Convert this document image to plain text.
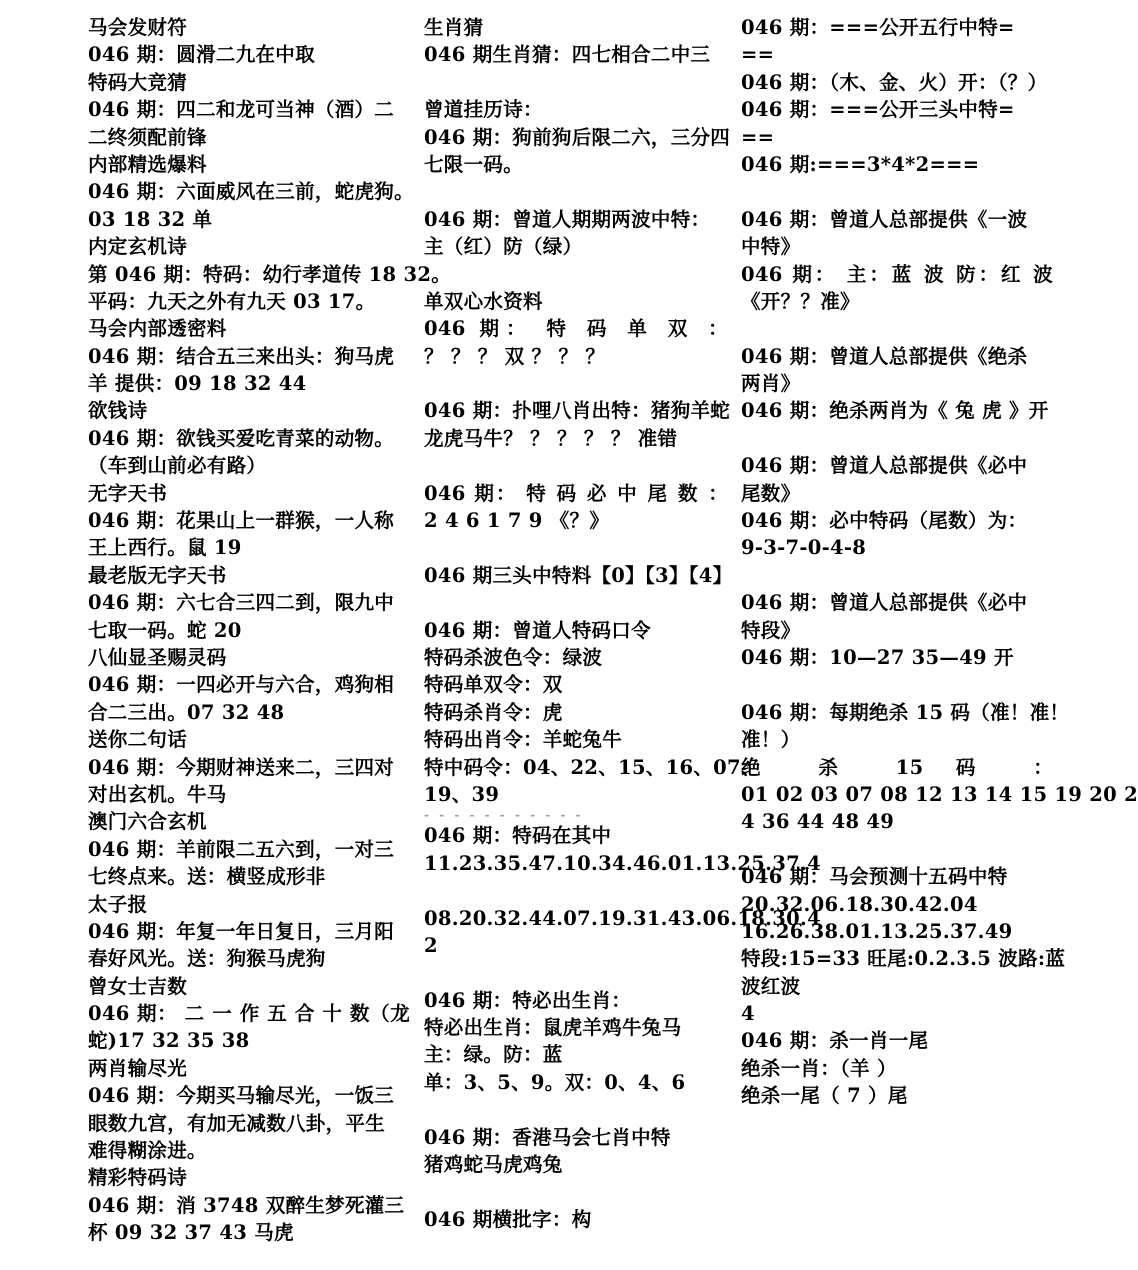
马会发财符
046 期：圆滑二九在中取
特码大竞猜
046 期：四二和龙可当神（酒）二
二终须配前锋
内部精选爆料
046 期：六面威风在三前，蛇虎狗。
03 18 32 单
内定玄机诗
第 046 期：特码：幼行孝道传 18 32。
平码：九天之外有九天 03 17。
马会内部透密料
046 期：结合五三来出头：狗马虎
羊 提供：09 18 32 44
欲钱诗
046 期：欲钱买爱吃青菜的动物。
（车到山前必有路）
无字天书
046 期：花果山上一群猴，一人称
王上西行。鼠 19
最老版无字天书
046 期：六七合三四二到，限九中
七取一码。蛇 20
八仙显圣赐灵码
046 期：一四必开与六合，鸡狗相
合二三出。07 32 48
送你二句话
046 期：今期财神送来二，三四对
对出玄机。牛马
澳门六合玄机
046 期：羊前限二五六到，一对三
七终点来。送：横竖成形非
太子报
046 期：年复一年日复日，三月阳
春好风光。送：狗猴马虎狗
曾女士吉数
046 期： 二 一 作 五 合 十 数（龙
蛇)17 32 35 38
两肖输尽光
046 期：今期买马输尽光，一饭三
眼数九宫，有加无减数八卦，平生
难得糊涂进。
精彩特码诗
046 期：消 3748 双醉生梦死灌三
杯 09 32 37 43 马虎
生肖猜
046 期生肖猜：四七相合二中三
曾道挂历诗：
046 期：狗前狗后限二六，三分四
七限一码。
046 期：曾道人期期两波中特：
主（红）防（绿）
单双心水资料
046 期： 特 码 单 双 ：
？ ？ ？ 双 ？ ？ ？
046 期：扑哩八肖出特：猪狗羊蛇
龙虎马牛？ ？ ？ ？ ？ 准错
046 期： 特 码 必 中 尾 数 ：
2 4 6 1 7 9 《？》
046 期三头中特料【0】【3】【4】
046 期：曾道人特码口令
特码杀波色令：绿波
特码单双令：双
特码杀肖令：虎
特码出肖令：羊蛇兔牛
特中码令：04、22、15、16、07、
19、39
- - - - - - - - - - -
046 期：特码在其中
11.23.35.47.10.34.46.01.13.25.37.4
08.20.32.44.07.19.31.43.06.18.30.4
2
046 期：特必出生肖：
特必出生肖：鼠虎羊鸡牛兔马
主：绿。防：蓝
单：3、5、9。双：0、4、6
046 期：香港马会七肖中特
猪鸡蛇马虎鸡兔
046 期横批字：构
046 期：===公开五行中特=
==
046 期：（木、金、火）开：（？）
046 期：===公开三头中特=
==
046 期:===3*4*2===
046 期：曾道人总部提供《一波
中特》
046 期： 主：蓝 波 防：红 波
《开？？准》
046 期：曾道人总部提供《绝杀
两肖》
046 期：绝杀两肖为《 兔 虎 》开
046 期：曾道人总部提供《必中
尾数》
046 期：必中特码（尾数）为：
9-3-7-0-4-8
046 期：曾道人总部提供《必中
特段》
046 期：10—27 35—49 开
046 期：每期绝杀 15 码（准！准！
准！）
绝 杀 15 码 ：
01 02 03 07 08 12 13 14 15 19 20 2
4 36 44 48 49
046 期：马会预测十五码中特
20.32.06.18.30.42.04
16.26.38.01.13.25.37.49
特段:15=33 旺尾:0.2.3.5 波路:蓝
波红波
4
046 期：杀一肖一尾
绝杀一肖：（羊 ）
绝杀一尾（ 7 ）尾
